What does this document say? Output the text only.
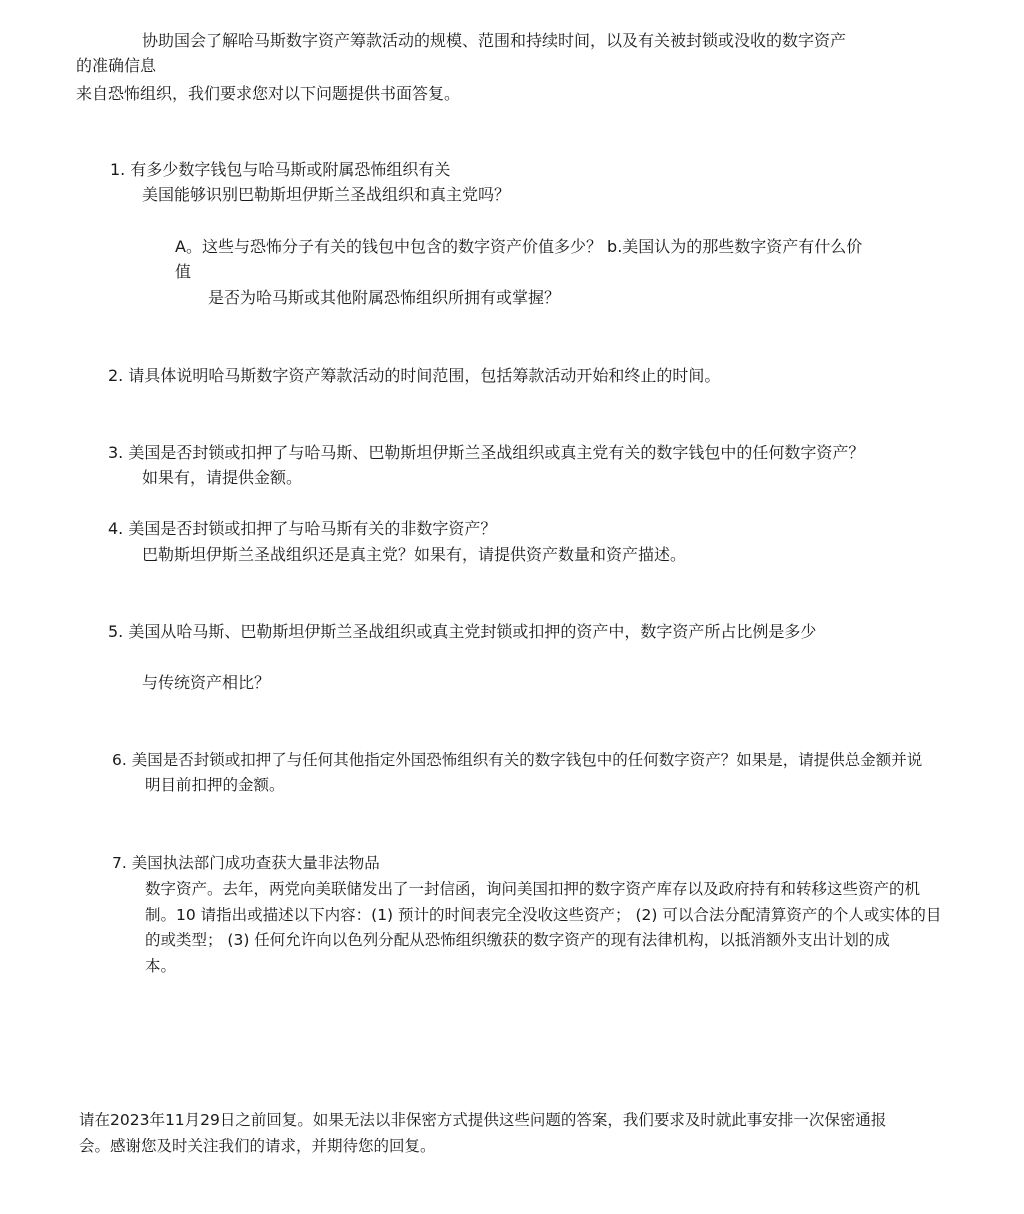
协助国会了解哈马斯数字资产筹款活动的规模、范围和持续时间，以及有关被封锁或没收的数字资产
的准确信息
来自恐怖组织，我们要求您对以下问题提供书面答复。
1. 有多少数字钱包与哈马斯或附属恐怖组织有关
美国能够识别巴勒斯坦伊斯兰圣战组织和真主党吗？
A。这些与恐怖分子有关的钱包中包含的数字资产价值多少？ b.美国认为的那些数字资产有什么价
值
是否为哈马斯或其他附属恐怖组织所拥有或掌握？
2. 请具体说明哈马斯数字资产筹款活动的时间范围，包括筹款活动开始和终止的时间。
3. 美国是否封锁或扣押了与哈马斯、巴勒斯坦伊斯兰圣战组织或真主党有关的数字钱包中的任何数字资产？
如果有，请提供金额。
4. 美国是否封锁或扣押了与哈马斯有关的非数字资产？
巴勒斯坦伊斯兰圣战组织还是真主党？如果有，请提供资产数量和资产描述。
5. 美国从哈马斯、巴勒斯坦伊斯兰圣战组织或真主党封锁或扣押的资产中，数字资产所占比例是多少
与传统资产相比？
6. 美国是否封锁或扣押了与任何其他指定外国恐怖组织有关的数字钱包中的任何数字资产？如果是，请提供总金额并说
明目前扣押的金额。
7. 美国执法部门成功查获大量非法物品
数字资产。去年，两党向美联储发出了一封信函，询问美国扣押的数字资产库存以及政府持有和转移这些资产的机
制。10 请指出或描述以下内容：(1) 预计的时间表完全没收这些资产； (2) 可以合法分配清算资产的个人或实体的目
的或类型； (3) 任何允许向以色列分配从恐怖组织缴获的数字资产的现有法律机构，以抵消额外支出计划的成
本。
请在2023年11月29日之前回复。如果无法以非保密方式提供这些问题的答案，我们要求及时就此事安排一次保密通报
会。感谢您及时关注我们的请求，并期待您的回复。
